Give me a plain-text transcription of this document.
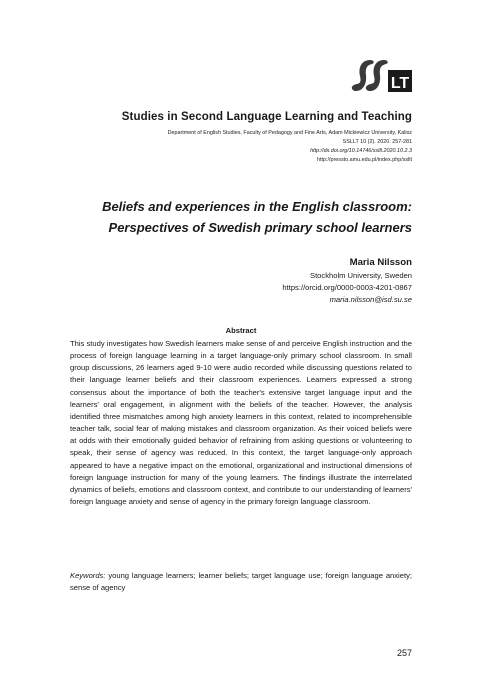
LT
Studies in Second Language Learning and Teaching
Department of English Studies, Faculty of Pedagogy and Fine Arts, Adam Mickiewicz University, Kalisz
SSLLT 10 (2). 2020. 257-281
http://dx.doi.org/10.14746/ssllt.2020.10.2.3
http://pressto.amu.edu.pl/index.php/ssllt
Beliefs and experiences in the English classroom:
Perspectives of Swedish primary school learners
Maria Nilsson
Stockholm University, Sweden
https://orcid.org/0000-0003-4201-0867
maria.nilsson@isd.su.se
Abstract

This study investigates how Swedish learners make sense of and perceive English instruction and the process of foreign language learning in a target language-only primary school classroom. In small group discussions, 26 learners aged 9-10 were audio recorded while discussing questions related to their language learner beliefs and their classroom experiences. Learners expressed a strong consensus about the importance of both the teacher's extensive target language input and the learners' oral engagement, in alignment with the beliefs of the teacher. However, the analysis identified three mismatches among high anxiety learners in this context, related to incomprehensible teacher talk, social fear of making mistakes and classroom organization. As their voiced beliefs were at odds with their emotionally guided behavior of refraining from asking questions or volunteering to speak, their sense of agency was reduced. In this context, the target language-only approach appeared to have a negative impact on the emotional, organizational and instructional dimensions of foreign language instruction for many of the young learners. The findings illustrate the interrelated dynamics of beliefs, emotions and classroom context, and contribute to our understanding of learners' foreign language anxiety and sense of agency in the primary foreign language classroom.

Keywords: young language learners; learner beliefs; target language use; foreign language anxiety; sense of agency

257
